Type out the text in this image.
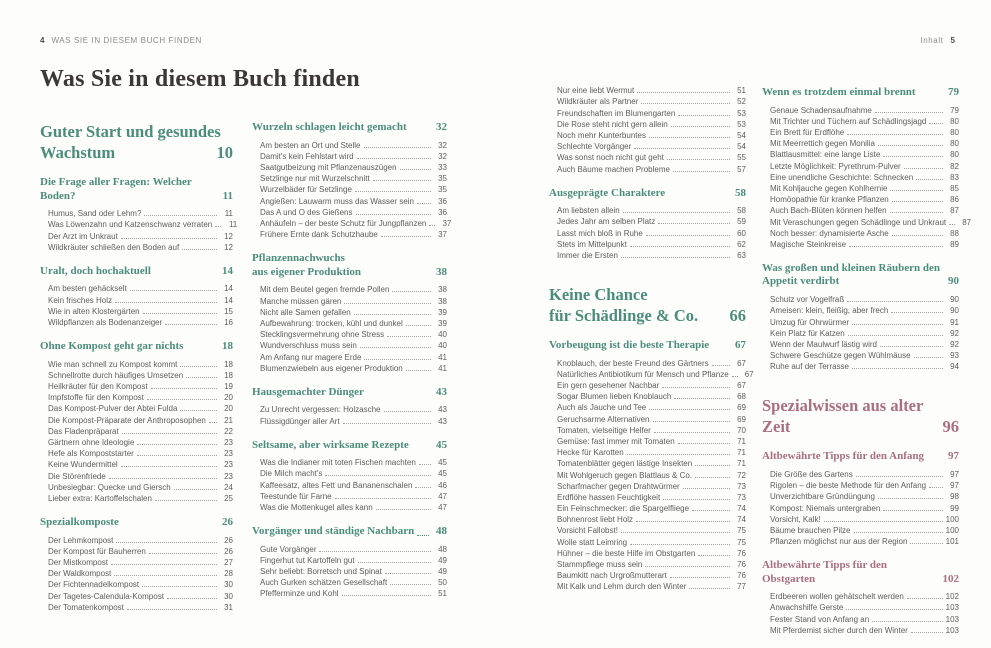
4 WAS SIE IN DIESEM BUCH FINDEN	Inhalt 5
Was Sie in diesem Buch finden
Guter Start und gesundes
Wachstum	10
Die Frage aller Fragen: Welcher Boden?	11
Humus, Sand oder Lehm?	11
Was Löwenzahn und Katzenschwanz verraten	11
Der Arzt im Unkraut	12
Wildkräuter schließen den Boden auf	12
Uralt, doch hochaktuell	14
Am besten gehäckselt	14
Kein frisches Holz	14
Wie in alten Klostergärten	15
Wildpflanzen als Bodenanzeiger	16
Ohne Kompost geht gar nichts	18
Wie man schnell zu Kompost kommt	18
Schnellrotte durch häufiges Umsetzen	18
Heilkräuter für den Kompost	19
Impfstoffe für den Kompost	20
Das Kompost-Pulver der Abtei Fulda	20
Die Kompost-Präparate der Anthroposophen	21
Das Fladenpräparat	22
Gärtnern ohne Ideologie	23
Hefe als Kompoststarter	23
Keine Wundermittel	23
Die Störenfriede	23
Unbesiegbar: Quecke und Giersch	24
Lieber extra: Kartoffelschalen	25
Spezialkomposte	26
Der Lehmkompost	26
Der Kompost für Bauherren	26
Der Mistkompost	27
Der Waldkompost	28
Der Fichtennadelkompost	30
Der Tagetes-Calendula-Kompost	30
Der Tomatenkompost	31
Wurzeln schlagen leicht gemacht	32
Am besten an Ort und Stelle	32
Damit's kein Fehlstart wird	32
Saatgutbeizung mit Pflanzenauszügen	33
Setzlinge nur mit Wurzelschnitt	35
Wurzelbäder für Setzlinge	35
Angießen: Lauwarm muss das Wasser sein	36
Das A und O des Gießens	36
Anhäufeln – der beste Schutz für Jungpflanzen	37
Frühere Ernte dank Schutzhaube	37
Pflanzennachwuchs
aus eigener Produktion	38
Mit dem Beutel gegen fremde Pollen	38
Manche müssen gären	38
Nicht alle Samen gefallen	39
Aufbewahrung: trocken, kühl und dunkel	39
Stecklingsvermehrung ohne Stress	40
Wundverschluss muss sein	40
Am Anfang nur magere Erde	41
Blumenzwiebeln aus eigener Produktion	41
Hausgemachter Dünger	43
Zu Unrecht vergessen: Holzasche	43
Flüssigdünger aller Art	43
Seltsame, aber wirksame Rezepte 45
Was die Indianer mit toten Fischen machten	45
Die Milch macht's	45
Kaffeesatz, altes Fett und Bananenschalen	46
Teestunde für Farne	47
Was die Mottenkugel alles kann	47
Vorgänger und ständige Nachbarn 48
Gute Vorgänger	48
Fingerhut tut Kartoffeln gut	49
Sehr beliebt: Borretsch und Spinat	49
Auch Gurken schätzen Gesellschaft	50
Pfefferminze und Kohl	51
Nur eine liebt Wermut	51
Wildkräuter als Partner	52
Freundschaften im Blumengarten	53
Die Rose steht nicht gern allein	53
Noch mehr Kunterbuntes	54
Schlechte Vorgänger	54
Was sonst noch nicht gut geht	55
Auch Bäume machen Probleme	57
Ausgeprägte Charaktere	58
Am liebsten allein	58
Jedes Jahr am selben Platz	59
Lasst mich bloß in Ruhe	60
Stets im Mittelpunkt	62
Immer die Ersten	63
Keine Chance
für Schädlinge & Co. 66
Vorbeugung ist die beste Therapie 67
Knoblauch, der beste Freund des Gärtners	67
Natürliches Antibiotikum für Mensch und Pflanze	67
Ein gern gesehener Nachbar	67
Sogar Blumen lieben Knoblauch	68
Auch als Jauche und Tee	69
Geruchsarme Alternativen	69
Tomaten, vielseitige Helfer	70
Gemüse: fast immer mit Tomaten	71
Hecke für Karotten	71
Tomatenblätter gegen lästige Insekten	71
Mit Wohlgeruch gegen Blattlaus & Co.	72
Scharfmacher gegen Drahtwürmer	73
Erdflöhe hassen Feuchtigkeit	73
Ein Feinschmecker: die Spargelfliege	74
Bohnenrost liebt Holz	74
Vorsicht Fallobst!	75
Wolle statt Leimring	75
Hühner – die beste Hilfe im Obstgarten	76
Stammpflege muss sein	76
Baumkitt nach Urgroßmutterart	76
Mit Kalk und Lehm durch den Winter	77
Wenn es trotzdem einmal brennt	79
Genaue Schadensaufnahme	79
Mit Trichter und Tüchern auf Schädlingsjagd	80
Ein Brett für Erdflöhe	80
Mit Meerrettich gegen Monilia	80
Blattlausmittel: eine lange Liste	80
Letzte Möglichkeit: Pyrethrum-Pulver	82
Eine unendliche Geschichte: Schnecken	83
Mit Kohljauche gegen Kohlhernie	85
Homöopathie für kranke Pflanzen	86
Auch Bach-Blüten können helfen	87
Mit Veraschungen gegen Schädlinge und Unkraut	87
Noch besser: dynamisierte Asche	88
Magische Steinkreise	89
Was großen und kleinen Räubern den
Appetit verdirbt	90
Schutz vor Vogelfraß	90
Ameisen: klein, fleißig, aber frech	90
Umzug für Ohrwürmer	91
Kein Platz für Katzen	92
Wenn der Maulwurf lästig wird	92
Schwere Geschütze gegen Wühlmäuse	93
Ruhe auf der Terrasse	94
Spezialwissen aus alter Zeit	96
Altbewährte Tipps für den Anfang 97
Die Größe des Gartens	97
Rigolen – die beste Methode für den Anfang	97
Unverzichtbare Gründüngung	98
Kompost: Niemals untergraben	99
Vorsicht, Kalk!	100
Bäume brauchen Pilze	100
Pflanzen möglichst nur aus der Region	101
Altbewährte Tipps für den Obstgarten	102
Erdbeeren wollen gehätschelt werden	102
Anwachshilfe Gerste	103
Fester Stand von Anfang an	103
Mit Pferdemist sicher durch den Winter	103
